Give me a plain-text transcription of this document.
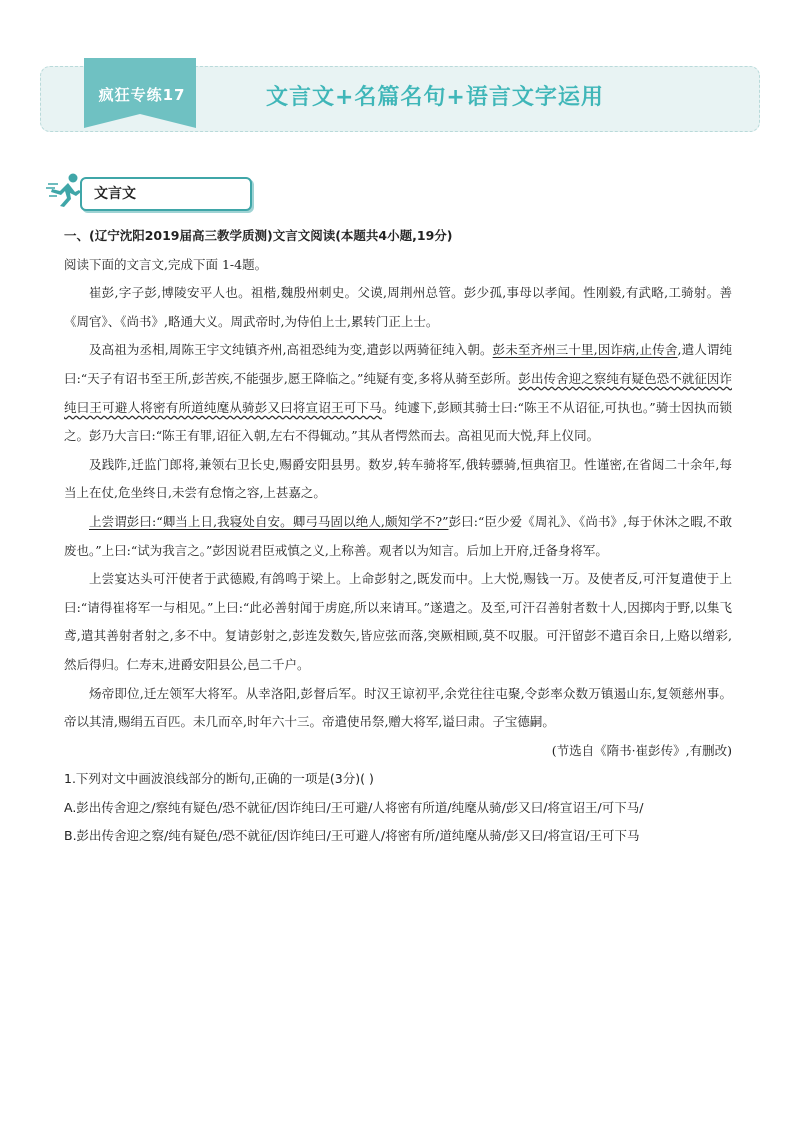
疯狂专练17	文言文+名篇名句+语言文字运用
文言文

一、(辽宁沈阳2019届高三教学质测)文言文阅读(本题共4小题,19分)

阅读下面的文言文,完成下面 1-4题。

崔彭,字子彭,博陵安平人也。祖楷,魏殷州刺史。父谟,周荆州总管。彭少孤,事母以孝闻。性刚毅,有武略,工骑射。善《周官》、《尚书》,略通大义。周武帝时,为侍伯上士,累转门正上士。

及高祖为丞相,周陈王宇文纯镇齐州,高祖恐纯为变,遣彭以两骑征纯入朝。彭未至齐州三十里,因诈病,止传舍,遣人谓纯曰:“天子有诏书至王所,彭苦疾,不能强步,愿王降临之。”纯疑有变,多将从骑至彭所。彭出传舍迎之察纯有疑色恐不就征因诈纯曰王可避人将密有所道纯麾从骑彭又曰将宣诏王可下马。纯遽下,彭顾其骑士曰:“陈王不从诏征,可执也。”骑士因执而锁之。彭乃大言曰:“陈王有罪,诏征入朝,左右不得辄动。”其从者愕然而去。高祖见而大悦,拜上仪同。

及践阼,迁监门郎将,兼领右卫长史,赐爵安阳县男。数岁,转车骑将军,俄转骠骑,恒典宿卫。性谨密,在省闼二十余年,每当上在仗,危坐终日,未尝有怠惰之容,上甚嘉之。

上尝谓彭曰:“卿当上日,我寝处自安。卿弓马固以绝人,颇知学不?”彭曰:“臣少爱《周礼》、《尚书》,每于休沐之暇,不敢废也。”上曰:“试为我言之。”彭因说君臣戒慎之义,上称善。观者以为知言。后加上开府,迁备身将军。

上尝宴达头可汗使者于武德殿,有鸽鸣于梁上。上命彭射之,既发而中。上大悦,赐钱一万。及使者反,可汗复遣使于上曰:“请得崔将军一与相见。”上曰:“此必善射闻于虏庭,所以来请耳。”遂遣之。及至,可汗召善射者数十人,因掷肉于野,以集飞鸢,遣其善射者射之,多不中。复请彭射之,彭连发数矢,皆应弦而落,突厥相顾,莫不叹服。可汗留彭不遣百余日,上赂以缯彩,然后得归。仁寿末,进爵安阳县公,邑二千户。

炀帝即位,迁左领军大将军。从幸洛阳,彭督后军。时汉王谅初平,余党往往屯聚,令彭率众数万镇遏山东,复领慈州事。帝以其清,赐绢五百匹。未几而卒,时年六十三。帝遣使吊祭,赠大将军,谥曰肃。子宝德嗣。

(节选自《隋书·崔彭传》,有删改)

1.下列对文中画波浪线部分的断句,正确的一项是(3分)( )

A.彭出传舍迎之/察纯有疑色/恐不就征/因诈纯曰/王可避/人将密有所道/纯麾从骑/彭又曰/将宣诏王/可下马/

B.彭出传舍迎之察/纯有疑色/恐不就征/因诈纯曰/王可避人/将密有所/道纯麾从骑/彭又曰/将宣诏/王可下马
